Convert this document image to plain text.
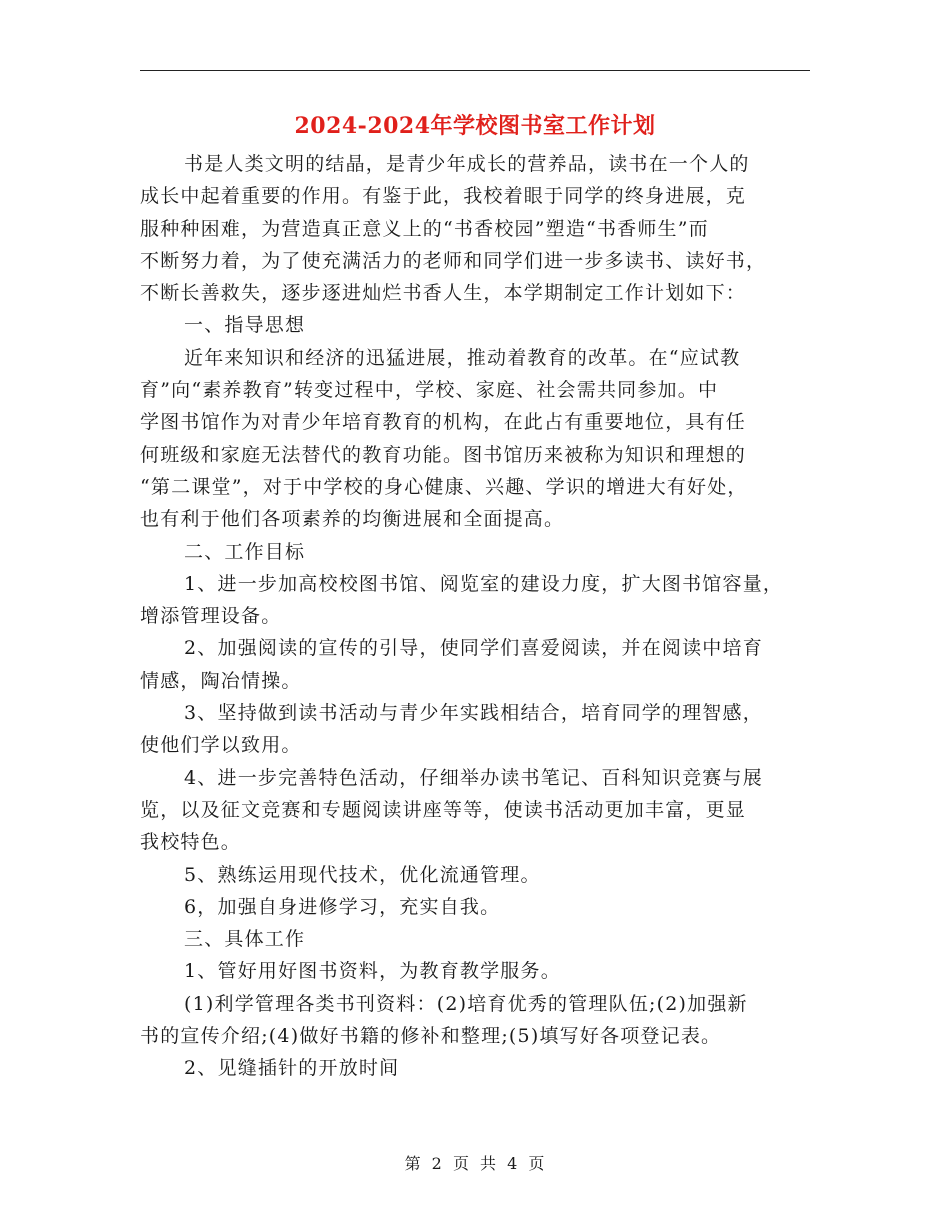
2024-2024年学校图书室工作计划
书是人类文明的结晶，是青少年成长的营养品，读书在一个人的
成长中起着重要的作用。有鉴于此，我校着眼于同学的终身进展，克
服种种困难，为营造真正意义上的“书香校园”塑造“书香师生”而
不断努力着，为了使充满活力的老师和同学们进一步多读书、读好书，
不断长善救失，逐步逐进灿烂书香人生，本学期制定工作计划如下：
一、指导思想
近年来知识和经济的迅猛进展，推动着教育的改革。在“应试教
育”向“素养教育”转变过程中，学校、家庭、社会需共同参加。中
学图书馆作为对青少年培育教育的机构，在此占有重要地位，具有任
何班级和家庭无法替代的教育功能。图书馆历来被称为知识和理想的
“第二课堂”，对于中学校的身心健康、兴趣、学识的增进大有好处，
也有利于他们各项素养的均衡进展和全面提高。
二、工作目标
1、进一步加高校校图书馆、阅览室的建设力度，扩大图书馆容量，
增添管理设备。
2、加强阅读的宣传的引导，使同学们喜爱阅读，并在阅读中培育
情感，陶冶情操。
3、坚持做到读书活动与青少年实践相结合，培育同学的理智感，
使他们学以致用。
4、进一步完善特色活动，仔细举办读书笔记、百科知识竞赛与展
览，以及征文竞赛和专题阅读讲座等等，使读书活动更加丰富，更显
我校特色。
5、熟练运用现代技术，优化流通管理。
6，加强自身进修学习，充实自我。
三、具体工作
1、管好用好图书资料，为教育教学服务。
(1)利学管理各类书刊资料：(2)培育优秀的管理队伍;(2)加强新
书的宣传介绍;(4)做好书籍的修补和整理;(5)填写好各项登记表。
2、见缝插针的开放时间
第 2 页 共 4 页
